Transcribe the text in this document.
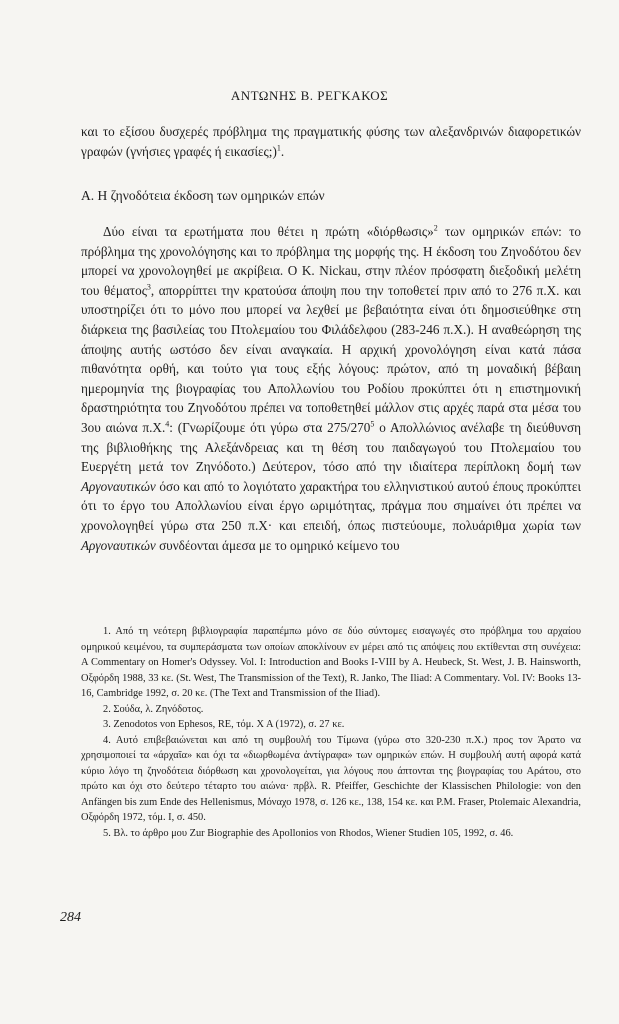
ΑΝΤΩΝΗΣ Β. ΡΕΓΚΑΚΟΣ
και το εξίσου δυσχερές πρόβλημα της πραγματικής φύσης των αλεξανδρινών διαφορετικών γραφών (γνήσιες γραφές ή εικασίες;)$^1$.
Α. Η ζηνοδότεια έκδοση των ομηρικών επών
Δύο είναι τα ερωτήματα που θέτει η πρώτη «διόρθωσις»$^2$ των ομηρικών επών: το πρόβλημα της χρονολόγησης και το πρόβλημα της μορφής της. Η έκδοση του Ζηνοδότου δεν μπορεί να χρονολογηθεί με ακρίβεια. Ο Κ. Nickau, στην πλέον πρόσφατη διεξοδική μελέτη του θέματος$^3$, απορρίπτει την κρατούσα άποψη που την τοποθετεί πριν από το 276 π.Χ. και υποστηρίζει ότι το μόνο που μπορεί να λεχθεί με βεβαιότητα είναι ότι δημοσιεύθηκε στη διάρκεια της βασιλείας του Πτολεμαίου του Φιλάδελφου (283-246 π.Χ.). Η αναθεώρηση της άποψης αυτής ωστόσο δεν είναι αναγκαία. Η αρχική χρονολόγηση είναι κατά πάσα πιθανότητα ορθή, και τούτο για τους εξής λόγους: πρώτον, από τη μοναδική βέβαιη ημερομηνία της βιογραφίας του Απολλωνίου του Ροδίου προκύπτει ότι η επιστημονική δραστηριότητα του Ζηνοδότου πρέπει να τοποθετηθεί μάλλον στις αρχές παρά στα μέσα του 3ου αιώνα π.Χ.$^4$: (Γνωρίζουμε ότι γύρω στα $275/270^5$ ο Απολλώνιος ανέλαβε τη διεύθυνση της βιβλιοθήκης της Αλεξάνδρειας και τη θέση του παιδαγωγού του Πτολεμαίου του Ευεργέτη μετά τον Ζηνόδοτο.) Δεύτερον, τόσο από την ιδιαίτερα περίπλοκη δομή των Αργοναυτικών όσο και από το λογιότατο χαρακτήρα του ελληνιστικού αυτού έπους προκύπτει ότι το έργο του Απολλωνίου είναι έργο ωριμότητας, πράγμα που σημαίνει ότι πρέπει να χρονολογηθεί γύρω στα 250 π.Χ· και επειδή, όπως πιστεύουμε, πολυάριθμα χωρία των Αργοναυτικών συνδέονται άμεσα με το ομηρικό κείμενο του

1. Από τη νεότερη βιβλιογραφία παραπέμπω μόνο σε δύο σύντομες εισαγωγές στο πρόβλημα του αρχαίου ομηρικού κειμένου, τα συμπεράσματα των οποίων αποκλίνουν εν μέρει από τις απόψεις που εκτίθενται στη συνέχεια: A Commentary on Homer's Odyssey. Vol. I: Introduction and Books I-VIII by A. Heubeck, St. West, J. B. Hainsworth, Οξφόρδη 1988, 33 κε. (St. West, The Transmission of the Text), R. Janko, The Iliad: A Commentary. Vol. IV: Books 13-16, Cambridge 1992, σ. 20 κε. (The Text and Transmission of the Iliad).

2. Σούδα, λ. Ζηνόδοτος.

3. Zenodotos von Ephesos, RE, τόμ. X A (1972), σ. 27 κε.

4. Αυτό επιβεβαιώνεται και από τη συμβουλή του Τίμωνα (γύρω στο 320-230 π.Χ.) προς τον Άρατο να χρησιμοποιεί τα «άρχαῖα» και όχι τα «διωρθωμένα ἀντίγραφα» των ομηρικών επών. Η συμβουλή αυτή αφορά κατά κύριο λόγο τη ζηνοδότεια διόρθωση και χρονολογείται, για λόγους που άπτονται της βιογραφίας του Αράτου, στο πρώτο και όχι στο δεύτερο τέταρτο του αιώνα· πρβλ. R. Pfeiffer, Geschichte der Klassischen Philologie: von den Anfängen bis zum Ende des Hellenismus, Μόναχο 1978, σ. 126 κε., 138, 154 κε. και P.M. Fraser, Ptolemaic Alexandria, Οξφόρδη 1972, τόμ. I, σ. 450.

5. Βλ. το άρθρο μου Zur Biographie des Apollonios von Rhodos, Wiener Studien 105, 1992, σ. 46.

284
